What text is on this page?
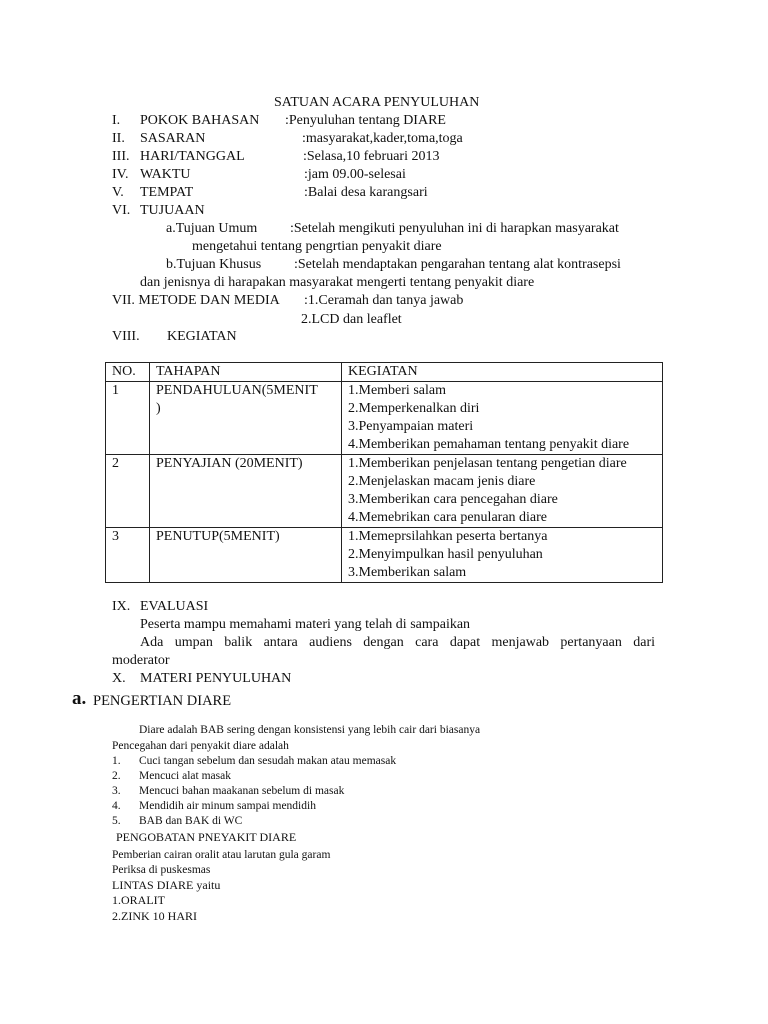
SATUAN ACARA PENYULUHAN
I. POKOK BAHASAN :Penyuluhan tentang DIARE
II. SASARAN	:masyarakat,kader,toma,toga
III. HARI/TANGGAL	:Selasa,10 februari 2013
IV. WAKTU	:jam 09.00-selesai
V. TEMPAT	:Balai desa karangsari
VI. TUJUAAN
a.Tujuan Umum :Setelah mengikuti penyuluhan ini di harapkan masyarakat
mengetahui tentang pengrtian penyakit diare
b.Tujuan Khusus :Setelah mendaptakan pengarahan tentang alat kontrasepsi
dan jenisnya di harapakan masyarakat mengerti tentang penyakit diare
VII. METODE DAN MEDIA :1.Ceramah dan tanya jawab
2.LCD dan leaflet
VIII. KEGIATAN
NO.	TAHAPAN	KEGIATAN
1	PENDAHULUAN(5MENIT
)	1.Memberi salam
2.Memperkenalkan diri
3.Penyampaian materi
4.Memberikan pemahaman tentang penyakit diare

2	PENYAJIAN (20MENIT)	1.Memberikan penjelasan tentang pengetian diare
2.Menjelaskan macam jenis diare
3.Memberikan cara pencegahan diare
4.Memebrikan cara penularan diare

3	PENUTUP(5MENIT)	1.Memeprsilahkan peserta bertanya
2.Menyimpulkan hasil penyuluhan
3.Memberikan salam
IX. EVALUASI
Peserta mampu memahami materi yang telah di sampaikan
Ada umpan balik antara audiens dengan cara dapat menjawab pertanyaan dari
moderator
X. MATERI PENYULUHAN
a. PENGERTIAN DIARE
Diare adalah BAB sering dengan konsistensi yang lebih cair dari biasanya
Pencegahan dari penyakit diare adalah
1. Cuci tangan sebelum dan sesudah makan atau memasak
2. Mencuci alat masak
3. Mencuci bahan maakanan sebelum di masak
4. Mendidih air minum sampai mendidih
5. BAB dan BAK di WC
PENGOBATAN PNEYAKIT DIARE
Pemberian cairan oralit atau larutan gula garam
Periksa di puskesmas
LINTAS DIARE yaitu
1.ORALIT
2.ZINK 10 HARI
